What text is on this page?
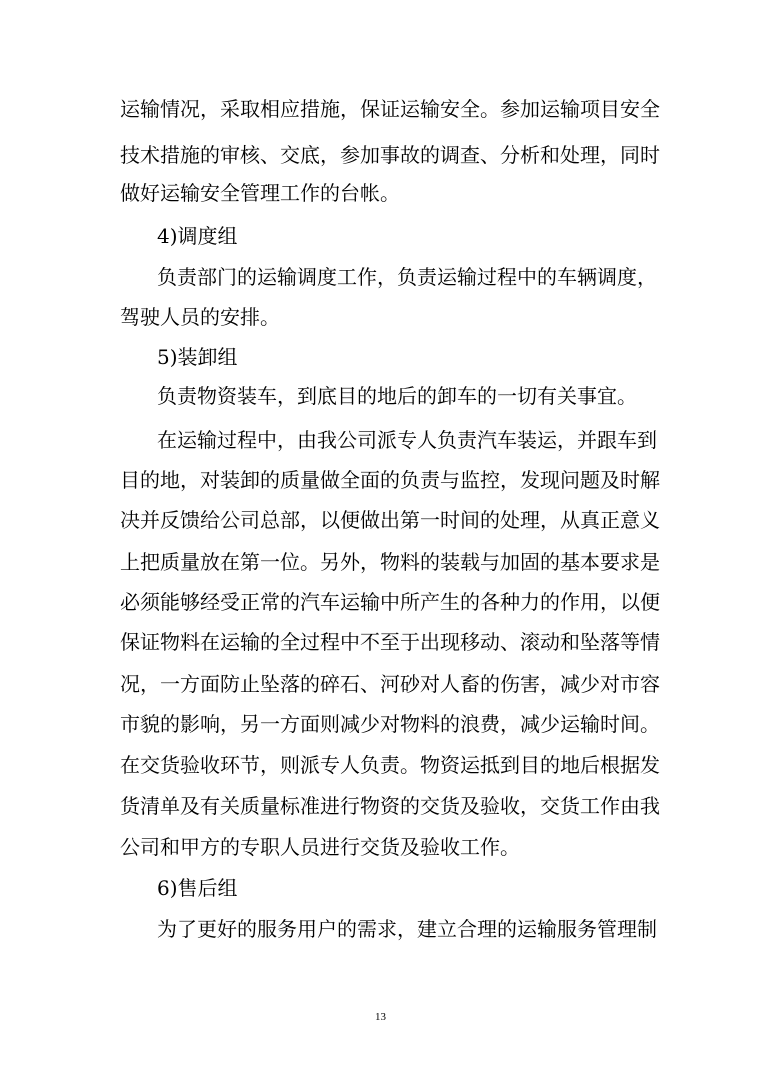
运输情况，采取相应措施，保证运输安全。参加运输项目安全
技术措施的审核、交底，参加事故的调查、分析和处理，同时
做好运输安全管理工作的台帐。
4)调度组
负责部门的运输调度工作，负责运输过程中的车辆调度，
驾驶人员的安排。
5)装卸组
负责物资装车，到底目的地后的卸车的一切有关事宜。
在运输过程中，由我公司派专人负责汽车装运，并跟车到
目的地，对装卸的质量做全面的负责与监控，发现问题及时解
决并反馈给公司总部，以便做出第一时间的处理，从真正意义
上把质量放在第一位。另外，物料的装载与加固的基本要求是
必须能够经受正常的汽车运输中所产生的各种力的作用，以便
保证物料在运输的全过程中不至于出现移动、滚动和坠落等情
况，一方面防止坠落的碎石、河砂对人畜的伤害，减少对市容
市貌的影响，另一方面则减少对物料的浪费，减少运输时间。
在交货验收环节，则派专人负责。物资运抵到目的地后根据发
货清单及有关质量标准进行物资的交货及验收，交货工作由我
公司和甲方的专职人员进行交货及验收工作。
6)售后组
为了更好的服务用户的需求，建立合理的运输服务管理制
13
